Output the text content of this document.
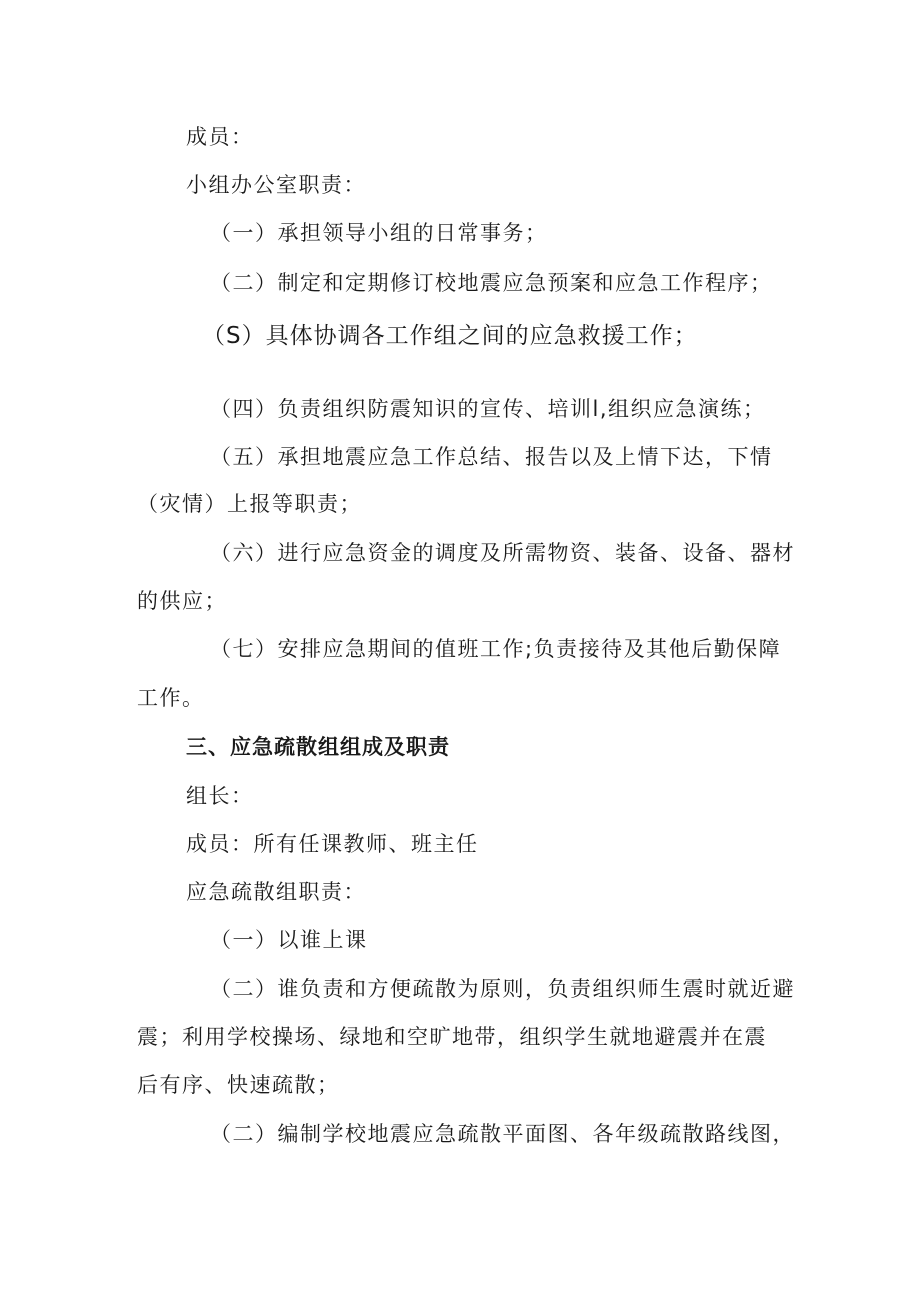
成员：
小组办公室职责：
（一）承担领导小组的日常事务；
（二）制定和定期修订校地震应急预案和应急工作程序；
（S）具体协调各工作组之间的应急救援工作；
（四）负责组织防震知识的宣传、培训l,组织应急演练；
（五）承担地震应急工作总结、报告以及上情下达，下情
（灾情）上报等职责；
（六）进行应急资金的调度及所需物资、装备、设备、器材
的供应；
（七）安排应急期间的值班工作;负责接待及其他后勤保障
工作。
三、应急疏散组组成及职责
组长：
成员：所有任课教师、班主任
应急疏散组职责：
（一）以谁上课
（二）谁负责和方便疏散为原则，负责组织师生震时就近避
震；利用学校操场、绿地和空旷地带，组织学生就地避震并在震
后有序、快速疏散；
（二）编制学校地震应急疏散平面图、各年级疏散路线图，
